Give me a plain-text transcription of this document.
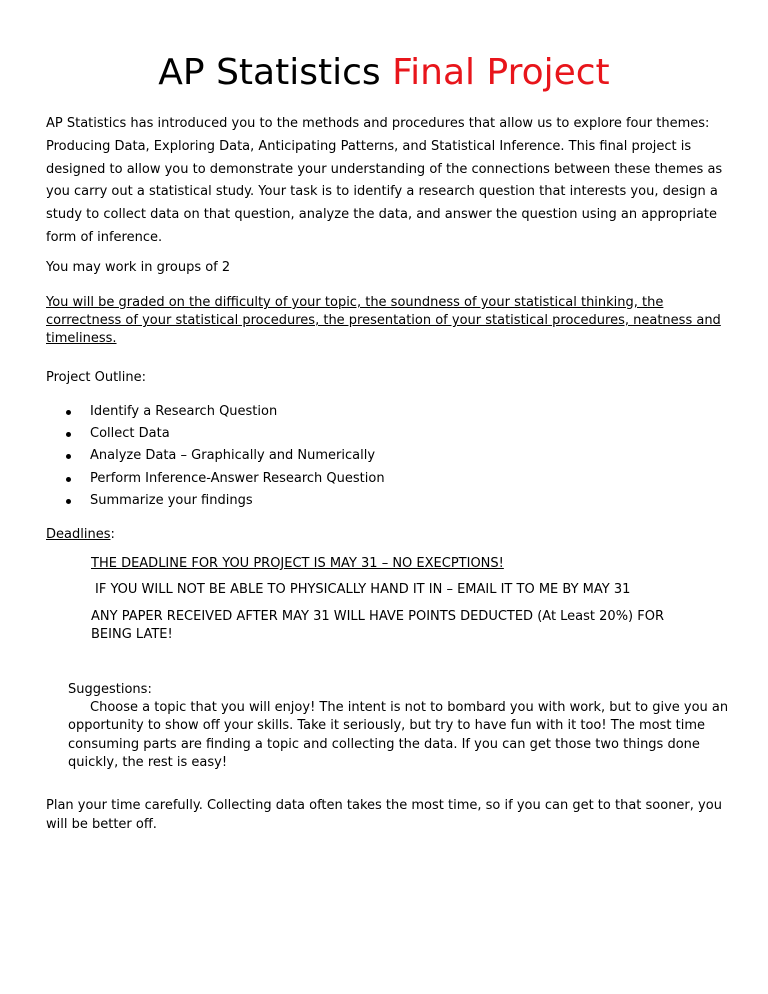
AP Statistics Final Project
AP Statistics has introduced you to the methods and procedures that allow us to explore four themes: Producing Data, Exploring Data, Anticipating Patterns, and Statistical Inference. This final project is designed to allow you to demonstrate your understanding of the connections between these themes as you carry out a statistical study. Your task is to identify a research question that interests you, design a study to collect data on that question, analyze the data, and answer the question using an appropriate form of inference.
You may work in groups of 2
You will be graded on the difficulty of your topic, the soundness of your statistical thinking, the correctness of your statistical procedures, the presentation of your statistical procedures, neatness and timeliness.
Project Outline:
Identify a Research Question
Collect Data
Analyze Data – Graphically and Numerically
Perform Inference-Answer Research Question
Summarize your findings
Deadlines:
THE DEADLINE FOR YOU PROJECT IS MAY 31 – NO EXECPTIONS!
IF YOU WILL NOT BE ABLE TO PHYSICALLY HAND IT IN – EMAIL IT TO ME BY MAY 31
ANY PAPER RECEIVED AFTER MAY 31 WILL HAVE POINTS DEDUCTED (At Least 20%) FOR BEING LATE!
Suggestions:
Choose a topic that you will enjoy! The intent is not to bombard you with work, but to give you an opportunity to show off your skills. Take it seriously, but try to have fun with it too! The most time consuming parts are finding a topic and collecting the data. If you can get those two things done quickly, the rest is easy!
Plan your time carefully. Collecting data often takes the most time, so if you can get to that sooner, you will be better off.
